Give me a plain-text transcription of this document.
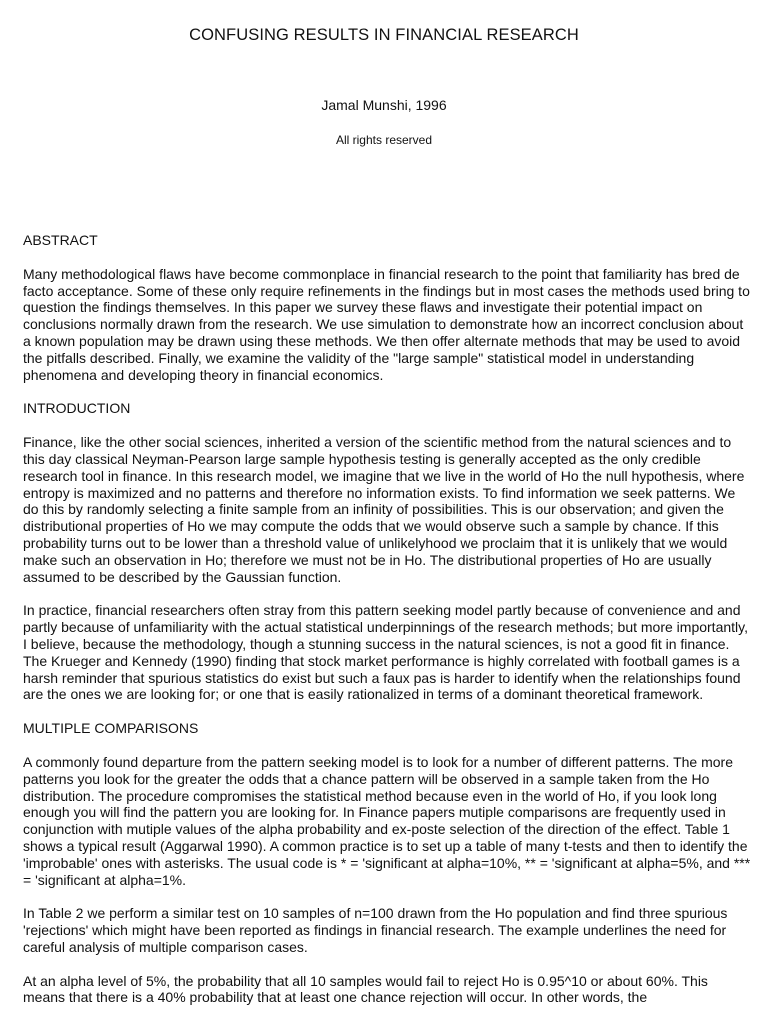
CONFUSING RESULTS IN FINANCIAL RESEARCH
Jamal Munshi, 1996
All rights reserved
ABSTRACT
Many methodological flaws have become commonplace in financial research to the point that familiarity has bred de facto acceptance. Some of these only require refinements in the findings but in most cases the methods used bring to question the findings themselves. In this paper we survey these flaws and investigate their potential impact on conclusions normally drawn from the research. We use simulation to demonstrate how an incorrect conclusion about a known population may be drawn using these methods. We then offer alternate methods that may be used to avoid the pitfalls described. Finally, we examine the validity of the "large sample" statistical model in understanding phenomena and developing theory in financial economics.
INTRODUCTION
Finance, like the other social sciences, inherited a version of the scientific method from the natural sciences and to this day classical Neyman-Pearson large sample hypothesis testing is generally accepted as the only credible research tool in finance. In this research model, we imagine that we live in the world of Ho the null hypothesis, where entropy is maximized and no patterns and therefore no information exists. To find information we seek patterns. We do this by randomly selecting a finite sample from an infinity of possibilities. This is our observation; and given the distributional properties of Ho we may compute the odds that we would observe such a sample by chance. If this probability turns out to be lower than a threshold value of unlikelyhood we proclaim that it is unlikely that we would make such an observation in Ho; therefore we must not be in Ho. The distributional properties of Ho are usually assumed to be described by the Gaussian function.
In practice, financial researchers often stray from this pattern seeking model partly because of convenience and and partly because of unfamiliarity with the actual statistical underpinnings of the research methods; but more importantly, I believe, because the methodology, though a stunning success in the natural sciences, is not a good fit in finance. The Krueger and Kennedy (1990) finding that stock market performance is highly correlated with football games is a harsh reminder that spurious statistics do exist but such a faux pas is harder to identify when the relationships found are the ones we are looking for; or one that is easily rationalized in terms of a dominant theoretical framework.
MULTIPLE COMPARISONS
A commonly found departure from the pattern seeking model is to look for a number of different patterns. The more patterns you look for the greater the odds that a chance pattern will be observed in a sample taken from the Ho distribution. The procedure compromises the statistical method because even in the world of Ho, if you look long enough you will find the pattern you are looking for. In Finance papers mutiple comparisons are frequently used in conjunction with mutiple values of the alpha probability and ex-poste selection of the direction of the effect. Table 1 shows a typical result (Aggarwal 1990). A common practice is to set up a table of many t-tests and then to identify the 'improbable' ones with asterisks. The usual code is * = 'significant at alpha=10%, ** = 'significant at alpha=5%, and *** = 'significant at alpha=1%.
In Table 2 we perform a similar test on 10 samples of n=100 drawn from the Ho population and find three spurious 'rejections' which might have been reported as findings in financial research. The example underlines the need for careful analysis of multiple comparison cases.
At an alpha level of 5%, the probability that all 10 samples would fail to reject Ho is 0.95^10 or about 60%. This means that there is a 40% probability that at least one chance rejection will occur. In other words, the
